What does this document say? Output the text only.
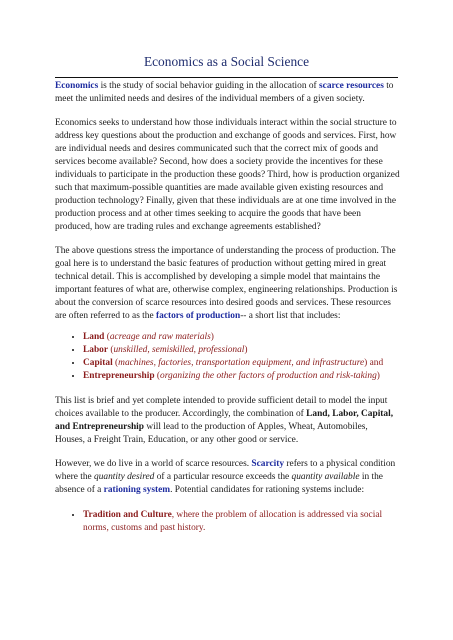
Economics as a Social Science

Economics is the study of social behavior guiding in the allocation of scarce resources to meet the unlimited needs and desires of the individual members of a given society.

Economics seeks to understand how those individuals interact within the social structure to address key questions about the production and exchange of goods and services. First, how are individual needs and desires communicated such that the correct mix of goods and services become available? Second, how does a society provide the incentives for these individuals to participate in the production these goods? Third, how is production organized such that maximum-possible quantities are made available given existing resources and production technology? Finally, given that these individuals are at one time involved in the production process and at other times seeking to acquire the goods that have been produced, how are trading rules and exchange agreements established?

The above questions stress the importance of understanding the process of production. The goal here is to understand the basic features of production without getting mired in great technical detail. This is accomplished by developing a simple model that maintains the important features of what are, otherwise complex, engineering relationships. Production is about the conversion of scarce resources into desired goods and services. These resources are often referred to as the factors of production-- a short list that includes:

• Land (acreage and raw materials)
• Labor (unskilled, semiskilled, professional)
• Capital (machines, factories, transportation equipment, and infrastructure) and
• Entrepreneurship (organizing the other factors of production and risk-taking)

This list is brief and yet complete intended to provide sufficient detail to model the input choices available to the producer. Accordingly, the combination of Land, Labor, Capital, and Entrepreneurship will lead to the production of Apples, Wheat, Automobiles, Houses, a Freight Train, Education, or any other good or service.

However, we do live in a world of scarce resources. Scarcity refers to a physical condition where the quantity desired of a particular resource exceeds the quantity available in the absence of a rationing system. Potential candidates for rationing systems include:

• Tradition and Culture, where the problem of allocation is addressed via social norms, customs and past history.
